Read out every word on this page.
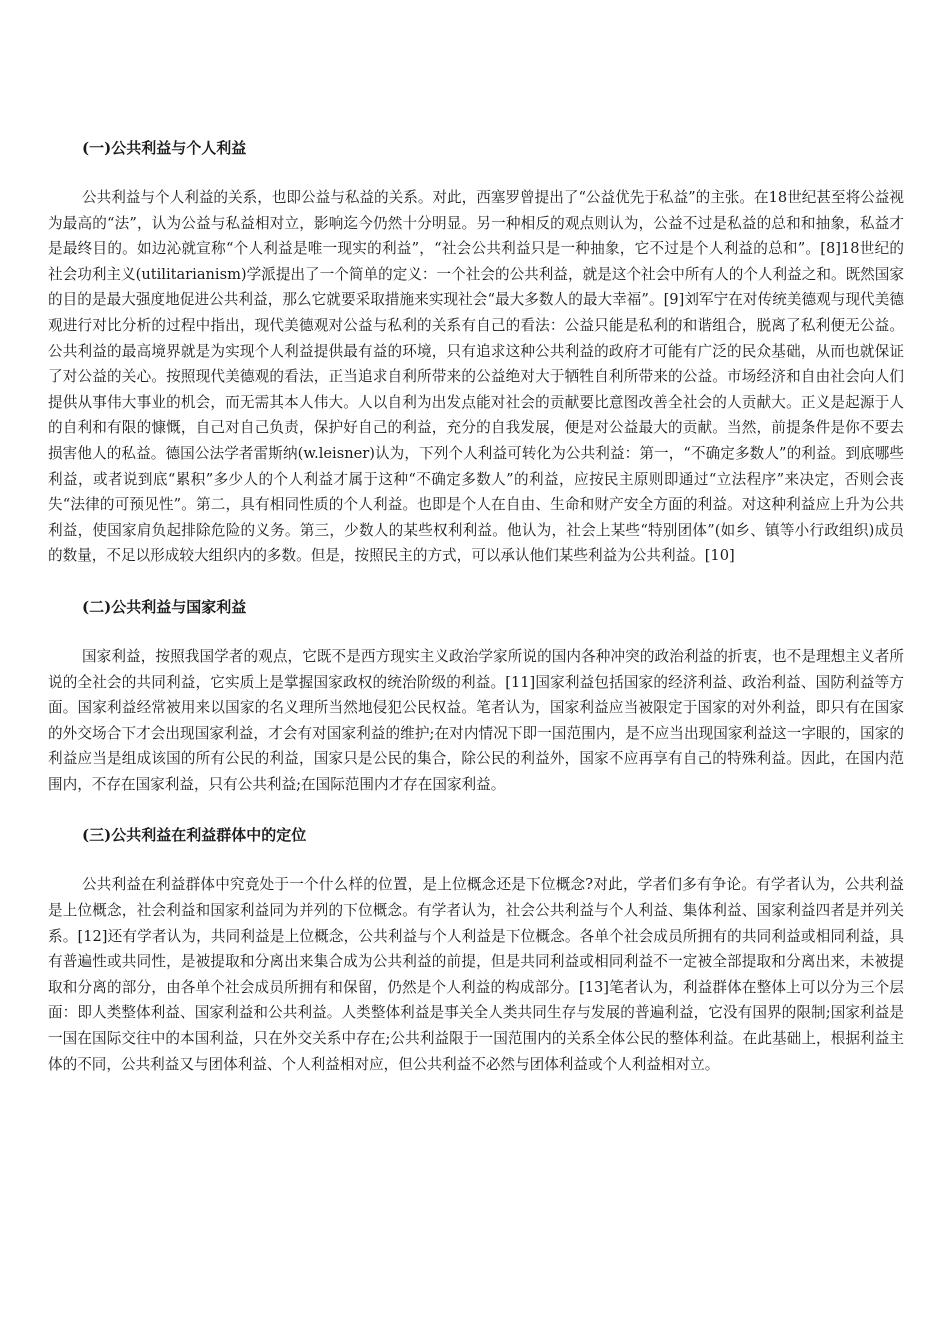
(一)公共利益与个人利益

公共利益与个人利益的关系，也即公益与私益的关系。对此，西塞罗曾提出了“公益优先于私益”的主张。在18世纪甚至将公益视为最高的“法”，认为公益与私益相对立，影响迄今仍然十分明显。另一种相反的观点则认为，公益不过是私益的总和和抽象，私益才是最终目的。如边沁就宣称“个人利益是唯一现实的利益”，“社会公共利益只是一种抽象，它不过是个人利益的总和”。[8]18世纪的社会功利主义(utilitarianism)学派提出了一个简单的定义：一个社会的公共利益，就是这个社会中所有人的个人利益之和。既然国家的目的是最大强度地促进公共利益，那么它就要采取措施来实现社会“最大多数人的最大幸福”。[9]刘军宁在对传统美德观与现代美德观进行对比分析的过程中指出，现代美德观对公益与私利的关系有自己的看法：公益只能是私利的和谐组合，脱离了私利便无公益。公共利益的最高境界就是为实现个人利益提供最有益的环境，只有追求这种公共利益的政府才可能有广泛的民众基础，从而也就保证了对公益的关心。按照现代美德观的看法，正当追求自利所带来的公益绝对大于牺牲自利所带来的公益。市场经济和自由社会向人们提供从事伟大事业的机会，而无需其本人伟大。人以自利为出发点能对社会的贡献要比意图改善全社会的人贡献大。正义是起源于人的自利和有限的慷慨，自己对自己负责，保护好自己的利益，充分的自我发展，便是对公益最大的贡献。当然，前提条件是你不要去损害他人的私益。德国公法学者雷斯纳(w.leisner)认为，下列个人利益可转化为公共利益：第一，“不确定多数人”的利益。到底哪些利益，或者说到底“累积”多少人的个人利益才属于这种“不确定多数人”的利益，应按民主原则即通过“立法程序”来决定，否则会丧失“法律的可预见性”。第二，具有相同性质的个人利益。也即是个人在自由、生命和财产安全方面的利益。对这种利益应上升为公共利益，使国家肩负起排除危险的义务。第三，少数人的某些权利利益。他认为，社会上某些“特别团体”(如乡、镇等小行政组织)成员的数量，不足以形成较大组织内的多数。但是，按照民主的方式，可以承认他们某些利益为公共利益。[10]

(二)公共利益与国家利益

国家利益，按照我国学者的观点，它既不是西方现实主义政治学家所说的国内各种冲突的政治利益的折衷，也不是理想主义者所说的全社会的共同利益，它实质上是掌握国家政权的统治阶级的利益。[11]国家利益包括国家的经济利益、政治利益、国防利益等方面。国家利益经常被用来以国家的名义理所当然地侵犯公民权益。笔者认为，国家利益应当被限定于国家的对外利益，即只有在国家的外交场合下才会出现国家利益，才会有对国家利益的维护;在对内情况下即一国范围内，是不应当出现国家利益这一字眼的，国家的利益应当是组成该国的所有公民的利益，国家只是公民的集合，除公民的利益外，国家不应再享有自己的特殊利益。因此，在国内范围内，不存在国家利益，只有公共利益;在国际范围内才存在国家利益。

(三)公共利益在利益群体中的定位

公共利益在利益群体中究竟处于一个什么样的位置，是上位概念还是下位概念?对此，学者们多有争论。有学者认为，公共利益是上位概念，社会利益和国家利益同为并列的下位概念。有学者认为，社会公共利益与个人利益、集体利益、国家利益四者是并列关系。[12]还有学者认为，共同利益是上位概念，公共利益与个人利益是下位概念。各单个社会成员所拥有的共同利益或相同利益，具有普遍性或共同性，是被提取和分离出来集合成为公共利益的前提，但是共同利益或相同利益不一定被全部提取和分离出来，未被提取和分离的部分，由各单个社会成员所拥有和保留，仍然是个人利益的构成部分。[13]笔者认为，利益群体在整体上可以分为三个层面：即人类整体利益、国家利益和公共利益。人类整体利益是事关全人类共同生存与发展的普遍利益，它没有国界的限制;国家利益是一国在国际交往中的本国利益，只在外交关系中存在;公共利益限于一国范围内的关系全体公民的整体利益。在此基础上，根据利益主体的不同，公共利益又与团体利益、个人利益相对应，但公共利益不必然与团体利益或个人利益相对立。
